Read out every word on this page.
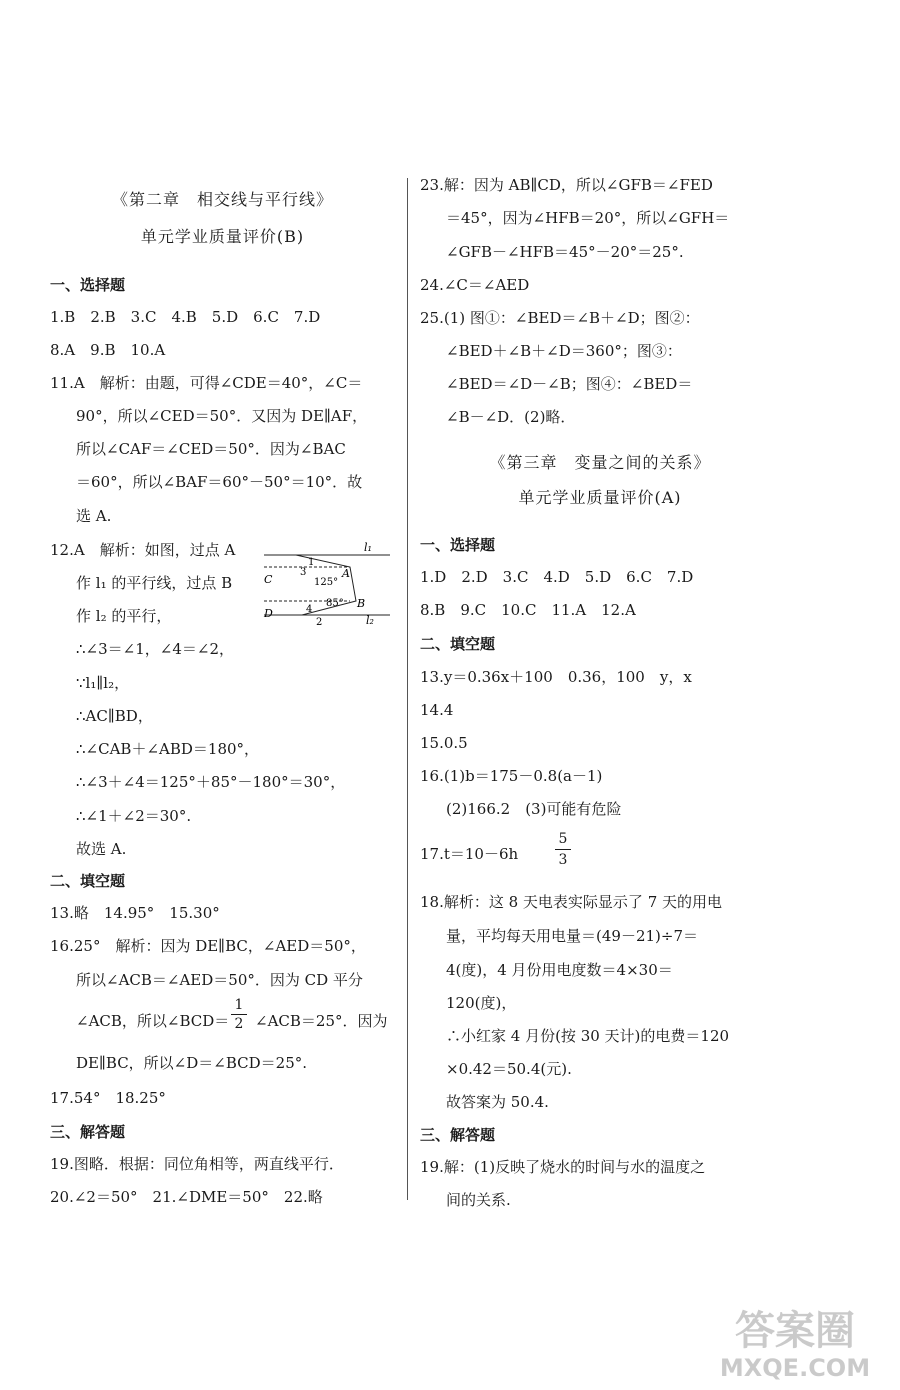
《第二章　相交线与平行线》
单元学业质量评价(B)
一、选择题
1.B　2.B　3.C　4.B　5.D　6.C　7.D
8.A　9.B　10.A
11.A　解析：由题，可得∠CDE＝40°，∠C＝
90°，所以∠CED＝50°．又因为 DE∥AF，
所以∠CAF＝∠CED＝50°．因为∠BAC
＝60°，所以∠BAF＝60°－50°＝10°．故
选 A.
12.A　解析：如图，过点 A
作 l₁ 的平行线，过点 B
作 l₂ 的平行，
∴∠3＝∠1，∠4＝∠2，
∵l₁∥l₂，
∴AC∥BD，
∴∠CAB＋∠ABD＝180°，
∴∠3＋∠4＝125°＋85°－180°＝30°，
∴∠1＋∠2＝30°.
故选 A.
二、填空题
13.略　14.95°　15.30°
16.25°　解析：因为 DE∥BC，∠AED＝50°，
所以∠ACB＝∠AED＝50°．因为 CD 平分
∠ACB，所以∠BCD＝ ∠ACB＝25°．因为
DE∥BC，所以∠D＝∠BCD＝25°.
17.54°　18.25°
三、解答题
19.图略．根据：同位角相等，两直线平行．
20.∠2＝50°　21.∠DME＝50°　22.略
1
2
l₁
l₂
A
B
C
D
1
2
3
4
125°
85°
23.解：因为 AB∥CD，所以∠GFB＝∠FED
＝45°，因为∠HFB＝20°，所以∠GFH＝
∠GFB－∠HFB＝45°－20°＝25°.
24.∠C＝∠AED
25.(1) 图①：∠BED＝∠B＋∠D；图②：
∠BED＋∠B＋∠D＝360°；图③：
∠BED＝∠D－∠B；图④：∠BED＝
∠B－∠D．(2)略．
《第三章　变量之间的关系》
单元学业质量评价(A)
一、选择题
1.D　2.D　3.C　4.D　5.D　6.C　7.D
8.B　9.C　10.C　11.A　12.A
二、填空题
13.y＝0.36x＋100　0.36，100　y，x
14.4
15.0.5
16.(1)b＝175－0.8(a－1)
(2)166.2　(3)可能有危险
17.t＝10－6h
18.解析：这 8 天电表实际显示了 7 天的用电
量，平均每天用电量＝(49－21)÷7＝
4(度)，4 月份用电度数＝4×30＝
120(度)，
∴小红家 4 月份(按 30 天计)的电费＝120
×0.42＝50.4(元).
故答案为 50.4.
三、解答题
19.解：(1)反映了烧水的时间与水的温度之
间的关系.
5
3
答案圈
MXQE.COM
